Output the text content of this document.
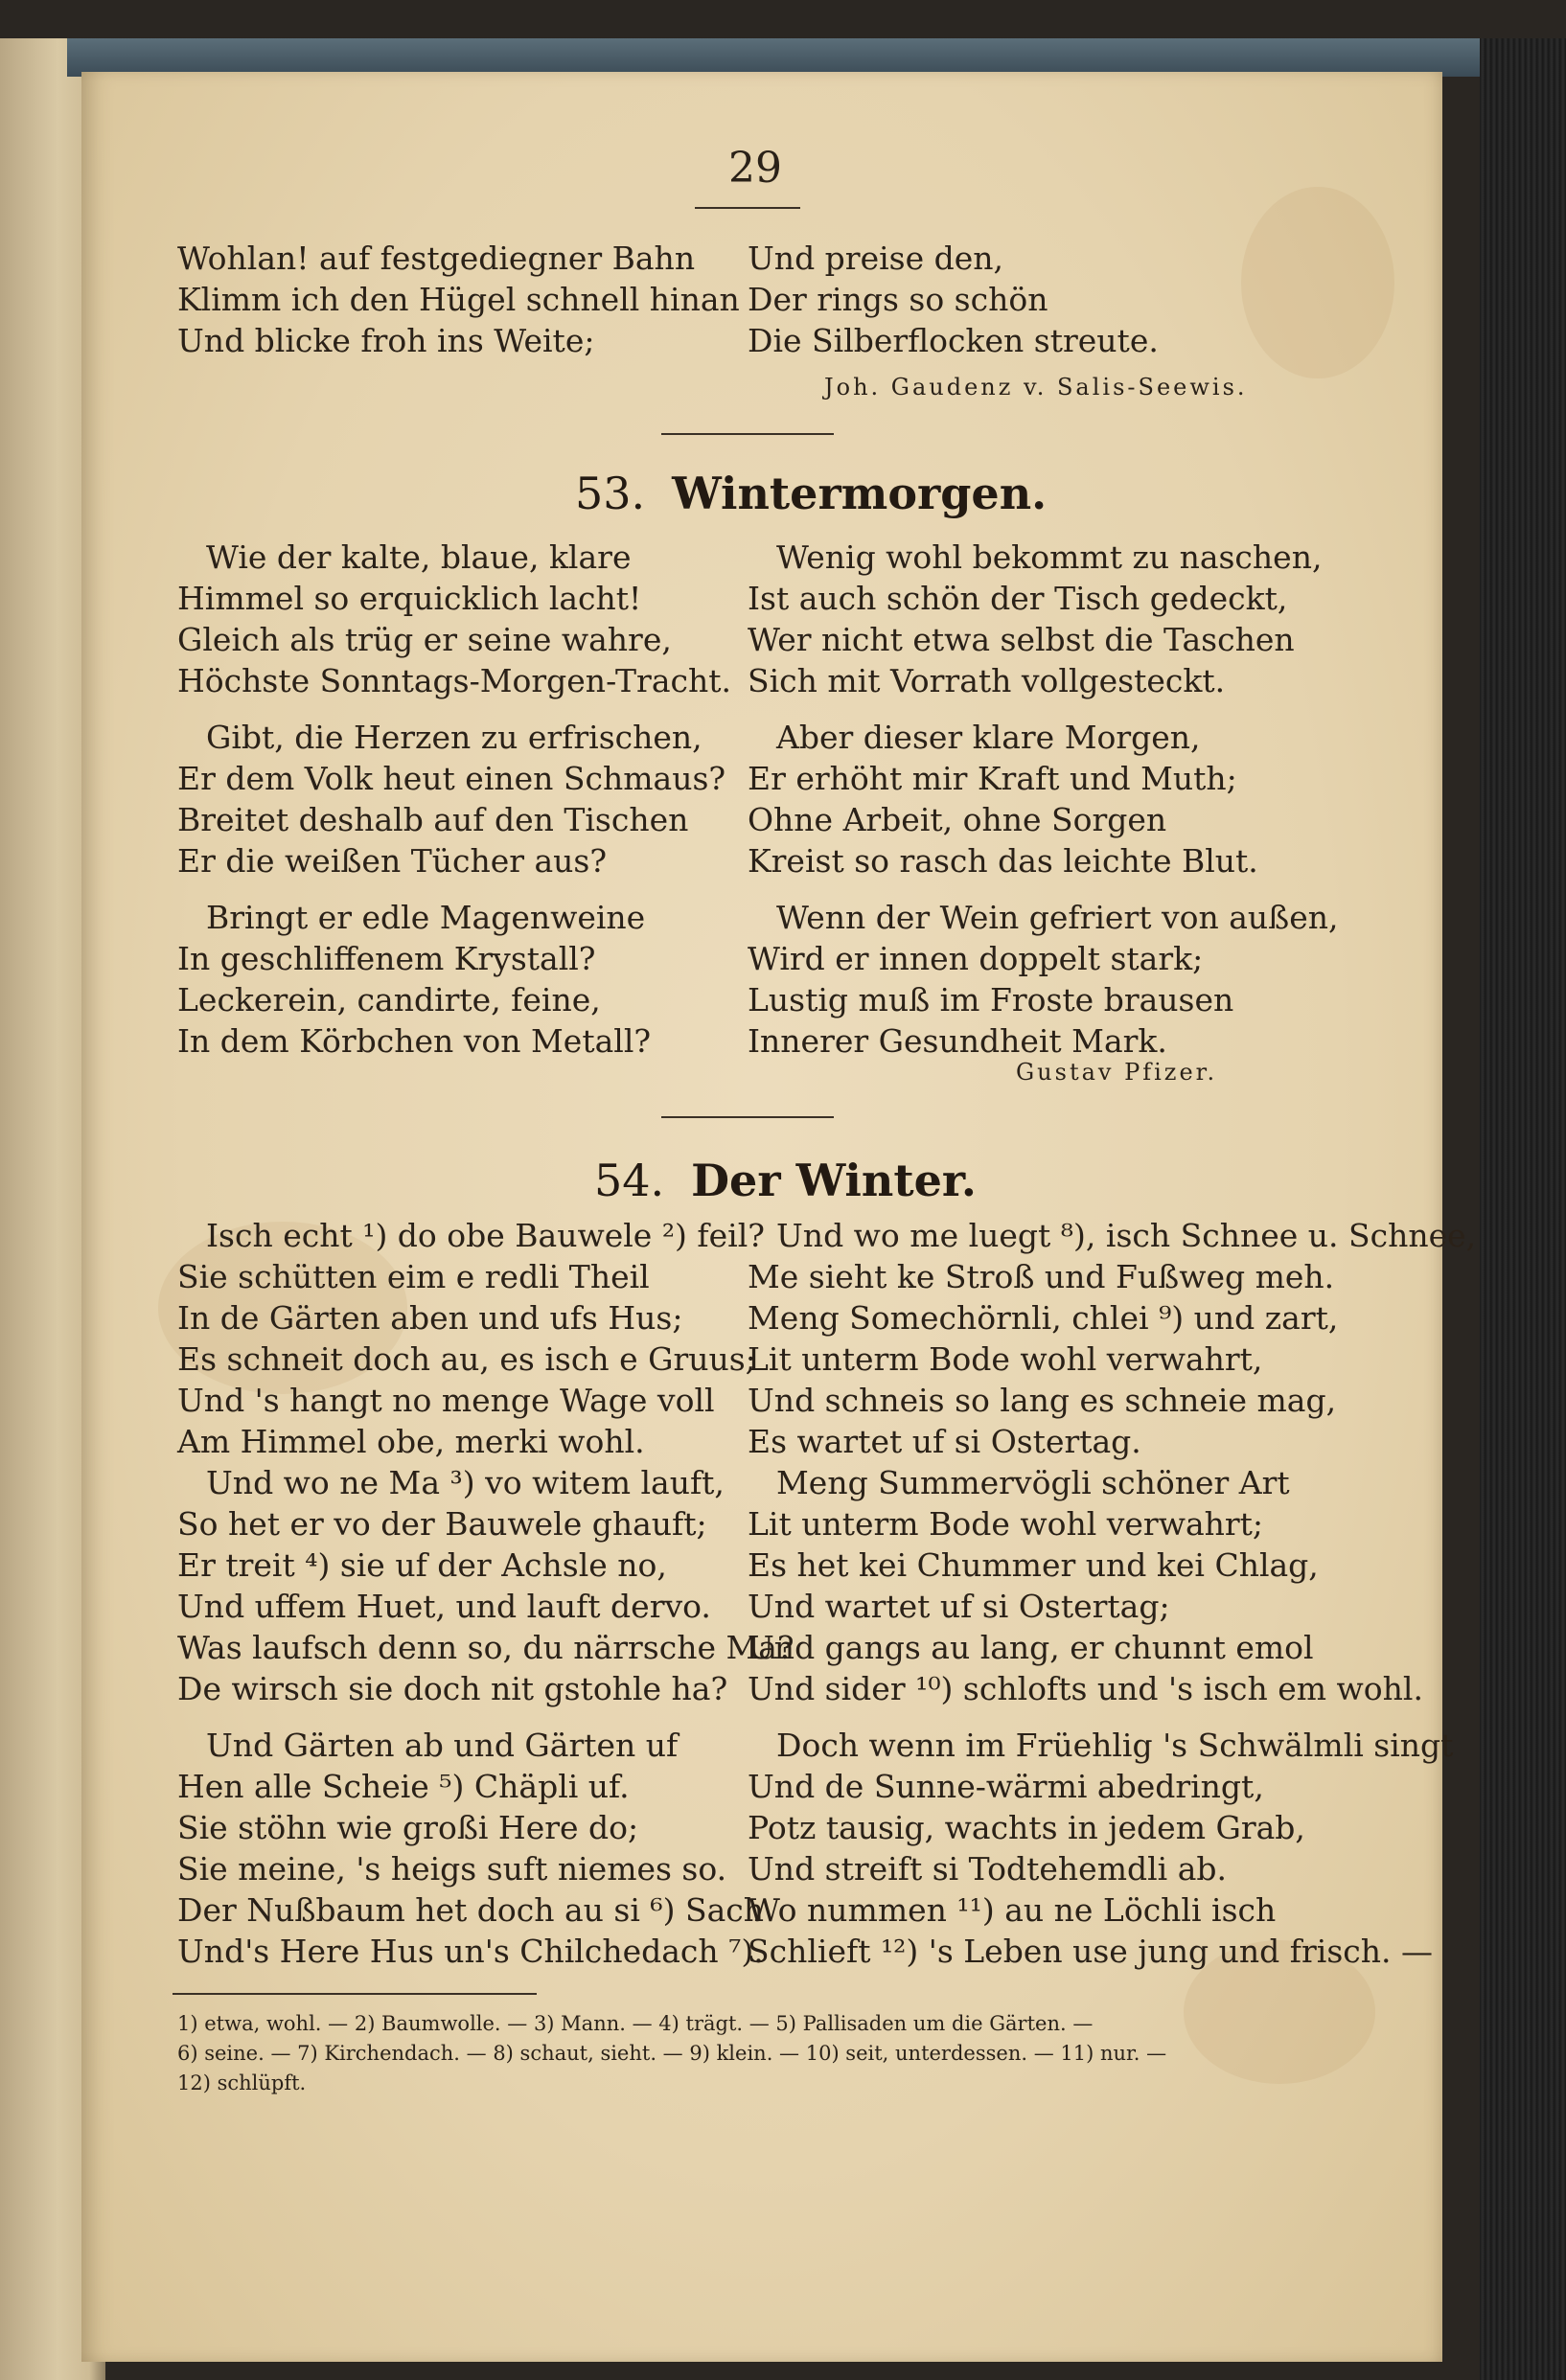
29
Wohlan! auf festgediegner Bahn
Klimm ich den Hügel schnell hinan
Und blicke froh ins Weite;
Und preise den,
Der rings so schön
Die Silberflocken streute.
Joh. Gaudenz v. Salis-Seewis.
53. Wintermorgen.
Wie der kalte, blaue, klare
Himmel so erquicklich lacht!
Gleich als trüg er seine wahre,
Höchste Sonntags-Morgen-Tracht.
Gibt, die Herzen zu erfrischen,
Er dem Volk heut einen Schmaus?
Breitet deshalb auf den Tischen
Er die weißen Tücher aus?
Bringt er edle Magenweine
In geschliffenem Krystall?
Leckerein, candirte, feine,
In dem Körbchen von Metall?
Wenig wohl bekommt zu naschen,
Ist auch schön der Tisch gedeckt,
Wer nicht etwa selbst die Taschen
Sich mit Vorrath vollgesteckt.
Aber dieser klare Morgen,
Er erhöht mir Kraft und Muth;
Ohne Arbeit, ohne Sorgen
Kreist so rasch das leichte Blut.
Wenn der Wein gefriert von außen,
Wird er innen doppelt stark;
Lustig muß im Froste brausen
Innerer Gesundheit Mark.
Gustav Pfizer.
54. Der Winter.
Isch echt ¹) do obe Bauwele ²) feil?
Sie schütten eim e redli Theil
In de Gärten aben und ufs Hus;
Es schneit doch au, es isch e Gruus;
Und 's hangt no menge Wage voll
Am Himmel obe, merki wohl.
Und wo ne Ma ³) vo witem lauft,
So het er vo der Bauwele ghauft;
Er treit ⁴) sie uf der Achsle no,
Und uffem Huet, und lauft dervo.
Was laufsch denn so, du närrsche Ma?
De wirsch sie doch nit gstohle ha?
Und Gärten ab und Gärten uf
Hen alle Scheie ⁵) Chäpli uf.
Sie stöhn wie großi Here do;
Sie meine, 's heigs suft niemes so.
Der Nußbaum het doch au si ⁶) Sach
Und's Here Hus un's Chilchedach ⁷).
Und wo me luegt ⁸), isch Schnee u. Schnee,
Me sieht ke Stroß und Fußweg meh.
Meng Somechörnli, chlei ⁹) und zart,
Lit unterm Bode wohl verwahrt,
Und schneis so lang es schneie mag,
Es wartet uf si Ostertag.
Meng Summervögli schöner Art
Lit unterm Bode wohl verwahrt;
Es het kei Chummer und kei Chlag,
Und wartet uf si Ostertag;
Und gangs au lang, er chunnt emol
Und sider ¹⁰) schlofts und 's isch em wohl.
Doch wenn im Früehlig 's Schwälmli singt
Und de Sunne-wärmi abedringt,
Potz tausig, wachts in jedem Grab,
Und streift si Todtehemdli ab.
Wo nummen ¹¹) au ne Löchli isch
Schlieft ¹²) 's Leben use jung und frisch. —
1) etwa, wohl. — 2) Baumwolle. — 3) Mann. — 4) trägt. — 5) Pallisaden um die Gärten. —
6) seine. — 7) Kirchendach. — 8) schaut, sieht. — 9) klein. — 10) seit, unterdessen. — 11) nur. —
12) schlüpft.
